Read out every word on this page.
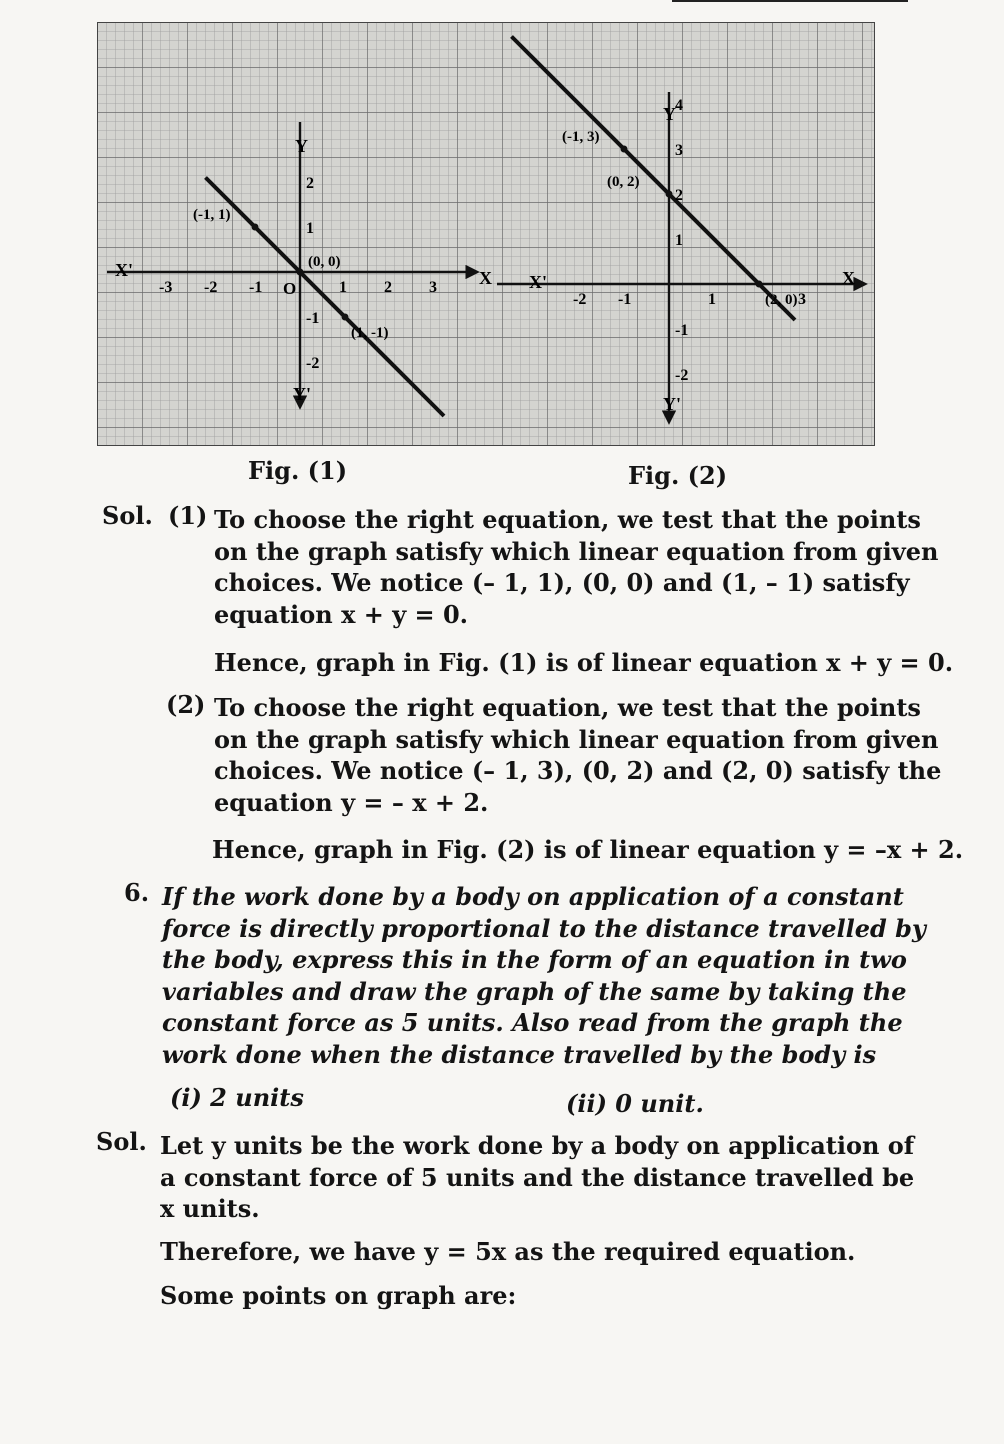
X
X'
Y
Y'
O
-3 -2 -1	1 2 3
2
1
-1
-2
(-1, 1)
(0, 0)
(1, -1)
X
X'
Y
Y'
-2 -1	1	3
4
3
2
1
-1
-2
(-1, 3)
(0, 2)
(2, 0)
Fig. (1)	Fig. (2)
Sol. (1) To choose the right equation, we test that the points
on the graph satisfy which linear equation from given
choices. We notice (– 1, 1), (0, 0) and (1, – 1) satisfy
equation x + y = 0.
Hence, graph in Fig. (1) is of linear equation x + y = 0.
(2) To choose the right equation, we test that the points
on the graph satisfy which linear equation from given
choices. We notice (– 1, 3), (0, 2) and (2, 0) satisfy the
equation y = – x + 2.
Hence, graph in Fig. (2) is of linear equation y = –x + 2.
6. If the work done by a body on application of a constant
force is directly proportional to the distance travelled by
the body, express this in the form of an equation in two
variables and draw the graph of the same by taking the
constant force as 5 units. Also read from the graph the
work done when the distance travelled by the body is
(i) 2 units	(ii) 0 unit.
Sol. Let y units be the work done by a body on application of
a constant force of 5 units and the distance travelled be
x units.
Therefore, we have y = 5x as the required equation.
Some points on graph are:
